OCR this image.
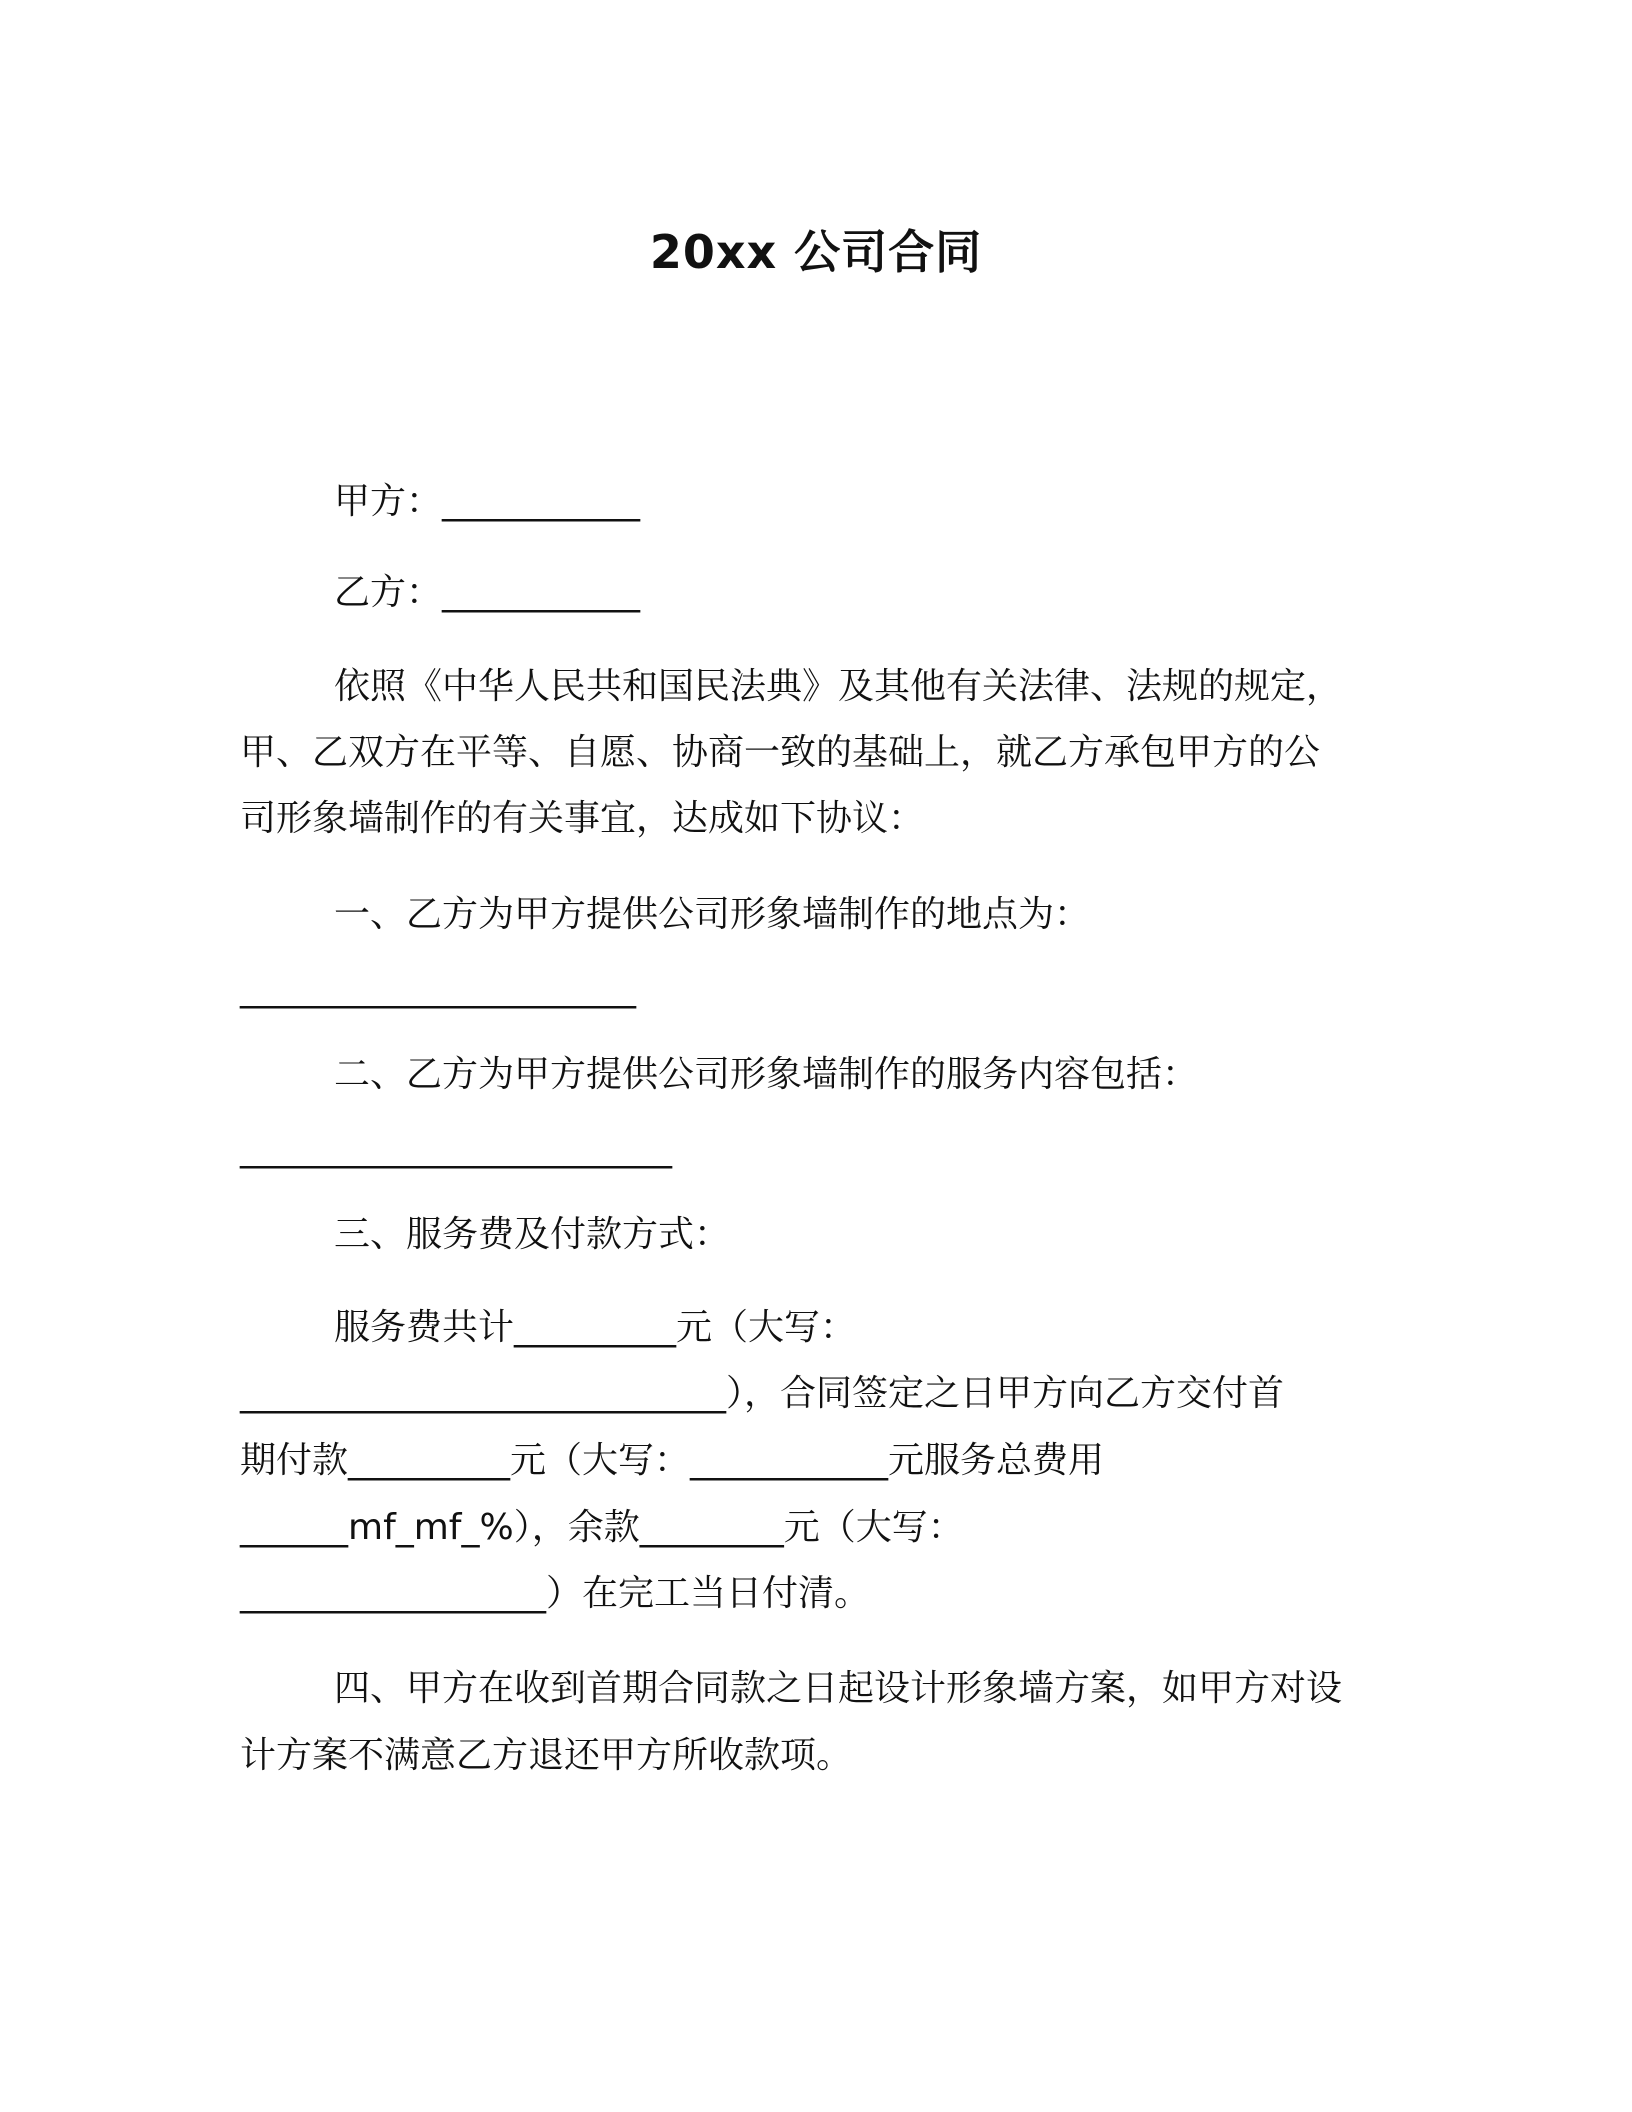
20xx 公司合同
甲方：___________
乙方：___________
依照《中华人民共和国民法典》及其他有关法律、法规的规定，
甲、乙双方在平等、自愿、协商一致的基础上，就乙方承包甲方的公
司形象墙制作的有关事宜，达成如下协议：
一、乙方为甲方提供公司形象墙制作的地点为：
______________________
二、乙方为甲方提供公司形象墙制作的服务内容包括：
________________________
三、服务费及付款方式：
服务费共计_________元（大写：
___________________________），合同签定之日甲方向乙方交付首
期付款_________元（大写：___________元服务总费用
______mf_mf_%），余款________元（大写：
_________________）在完工当日付清。
四、甲方在收到首期合同款之日起设计形象墙方案，如甲方对设
计方案不满意乙方退还甲方所收款项。
